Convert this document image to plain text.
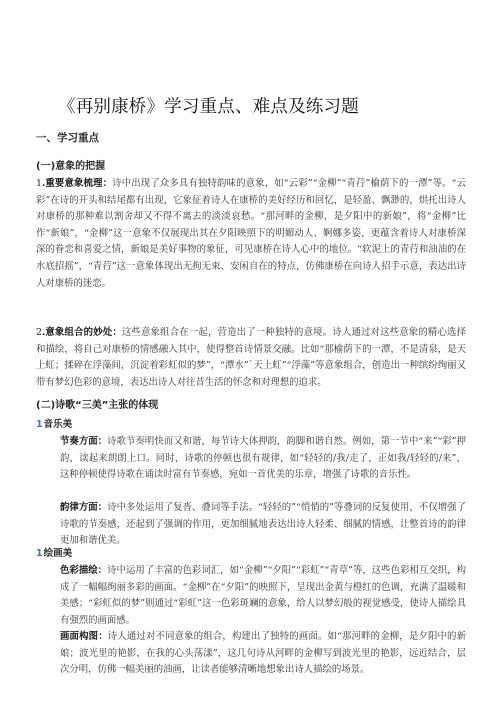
《再别康桥》学习重点、难点及练习题
一、学习重点
(一)意象的把握
1.重要意象梳理：诗中出现了众多具有独特韵味的意象，如“云彩”“金柳”“青荇”榆荫下的一潭”等。“云彩”在诗的开头和结尾都有出现，它象征着诗人在康桥的美好经历和回忆，是轻盈、飘渺的，烘托出诗人对康桥的那种难以割舍却又不得不离去的淡淡哀愁。“那河畔的金柳，是夕阳中的新娘”，将“金柳”比作“新娘”，“金柳”这一意象不仅展现出其在夕阳映照下的明媚动人、婀娜多姿，更蕴含着诗人对康桥深深的眷恋和喜爱之情，新娘是美好事物的象征，可见康桥在诗人心中的地位。“软泥上的青荇和油油的在水底招摇”，“青荇”这一意象体现出无拘无束、安闲自在的特点，仿佛康桥在向诗人招手示意，表达出诗人对康桥的迷恋。
2.意象组合的妙处：这些意象组合在一起，营造出了一种独特的意境。诗人通过对这些意象的精心选择和描绘，将自己对康桥的情感融入其中，使得整首诗情景交融。比如“那榆荫下的一潭，不是清泉，是天上虹；揉碎在浮藻间，沉淀着彩虹似的梦”，“潭水”`天上虹”“浮藻”等意象组合，创造出一种缤纷绚丽又带有梦幻色彩的意境，表达出诗人对往昔生活的怀念和对理想的追求。
(二)诗歌“三美”主张的体现
1音乐美
节奏方面：诗歌节奏明快而又和谐，每节诗大体押韵，韵脚和谐自然。例如，第一节中“来”“彩”押韵，读起来朗朗上口。同时，诗歌的停顿也很有规律，如“轻轻的/我/走了，正如我/轻轻的/来”，这种停顿使得诗歌在诵读时富有节奏感，宛如一首优美的乐章，增强了诗歌的音乐性。
韵律方面：诗中多处运用了复沓、叠词等手法。“轻轻的”“悄悄的”等叠词的反复使用，不仅增强了诗歌的节奏感，还起到了强调的作用，更加细腻地表达出诗人轻柔、细腻的情感，让整首诗的韵律更加和谐优美。
1绘画美
色彩描绘：诗中运用了丰富的色彩词汇，如“金柳”“夕阳”“彩虹”“青草”等，这些色彩相互交织，构成了一幅幅绚丽多彩的画面。“金柳”在“夕阳”的映照下，呈现出金黄与橙红的色调，充满了温暖和美感；“彩虹似的梦”则通过“彩虹”这一色彩斑斓的意象，给人以梦幻般的视觉感受，使诗人描绘具有强烈的画面感。
画面构图：诗人通过对不同意象的组合，构建出了独特的画面。如“那河畔的金柳，是夕阳中的新娘；波光里的艳影，在我的心头荡漾”，这几句诗从河畔的金柳写到波光里的艳影，远近结合，层次分明，仿佛一幅美丽的油画，让读者能够清晰地想象出诗人描绘的场景。
